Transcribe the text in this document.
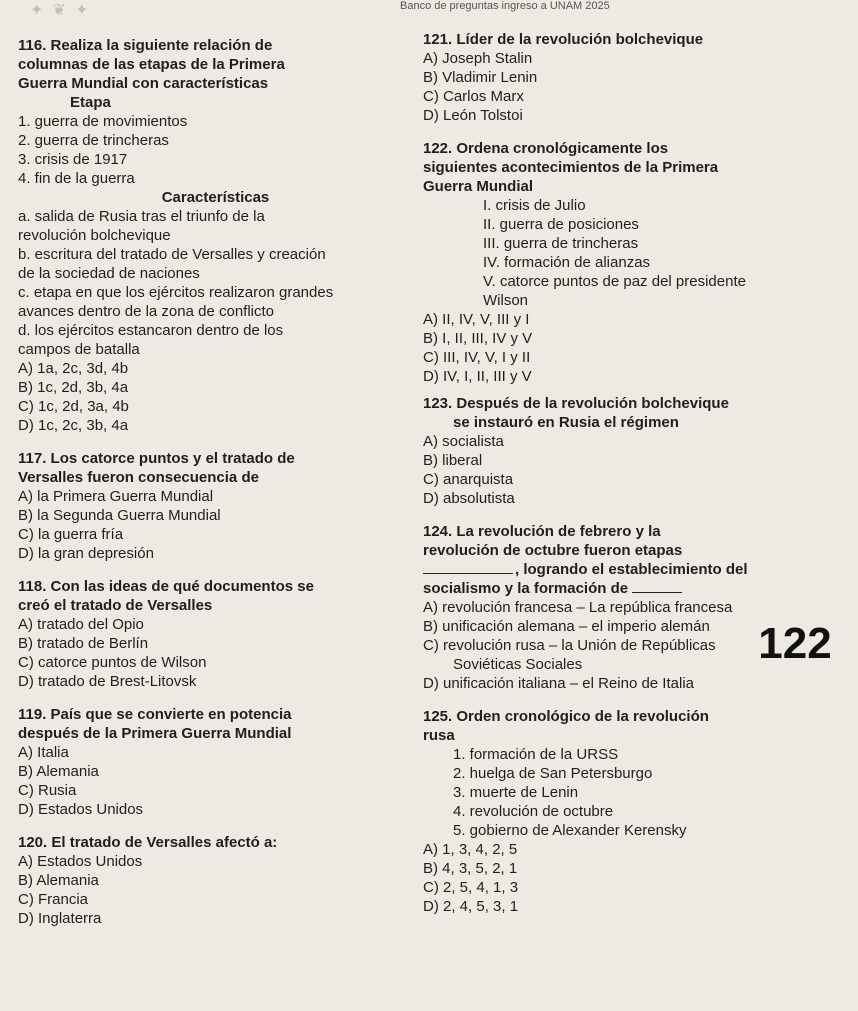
✦ ❦ ✦	Banco de preguntas ingreso a UNAM 2025
116. Realiza la siguiente relación de
columnas de las etapas de la Primera
Guerra Mundial con características
Etapa
1. guerra de movimientos
2. guerra de trincheras
3. crisis de 1917
4. fin de la guerra
Características
a. salida de Rusia tras el triunfo de la
revolución bolchevique
b. escritura del tratado de Versalles y creación
de la sociedad de naciones
c. etapa en que los ejércitos realizaron grandes
avances dentro de la zona de conflicto
d. los ejércitos estancaron dentro de los
campos de batalla
A) 1a, 2c, 3d, 4b
B) 1c, 2d, 3b, 4a
C) 1c, 2d, 3a, 4b
D) 1c, 2c, 3b, 4a
117. Los catorce puntos y el tratado de
Versalles fueron consecuencia de
A) la Primera Guerra Mundial
B) la Segunda Guerra Mundial
C) la guerra fría
D) la gran depresión
118. Con las ideas de qué documentos se
creó el tratado de Versalles
A) tratado del Opio
B) tratado de Berlín
C) catorce puntos de Wilson
D) tratado de Brest-Litovsk
119. País que se convierte en potencia
después de la Primera Guerra Mundial
A) Italia
B) Alemania
C) Rusia
D) Estados Unidos
120. El tratado de Versalles afectó a:
A) Estados Unidos
B) Alemania
C) Francia
D) Inglaterra
121. Líder de la revolución bolchevique
A) Joseph Stalin
B) Vladimir Lenin
C) Carlos Marx
D) León Tolstoi
122. Ordena cronológicamente los
siguientes acontecimientos de la Primera
Guerra Mundial
I. crisis de Julio
II. guerra de posiciones
III. guerra de trincheras
IV. formación de alianzas
V. catorce puntos de paz del presidente
Wilson
A) II, IV, V, III y I
B) I, II, III, IV y V
C) III, IV, V, I y II
D) IV, I, II, III y V
123. Después de la revolución bolchevique
se instauró en Rusia el régimen
A) socialista
B) liberal
C) anarquista
D) absolutista
124. La revolución de febrero y la
revolución de octubre fueron etapas
, logrando el establecimiento del
socialismo y la formación de
A) revolución francesa – La república francesa
B) unificación alemana – el imperio alemán
C) revolución rusa – la Unión de Repúblicas
Soviéticas Sociales
D) unificación italiana – el Reino de Italia
125. Orden cronológico de la revolución
rusa
1. formación de la URSS
2. huelga de San Petersburgo
3. muerte de Lenin
4. revolución de octubre
5. gobierno de Alexander Kerensky
A) 1, 3, 4, 2, 5
B) 4, 3, 5, 2, 1
C) 2, 5, 4, 1, 3
D) 2, 4, 5, 3, 1
122
